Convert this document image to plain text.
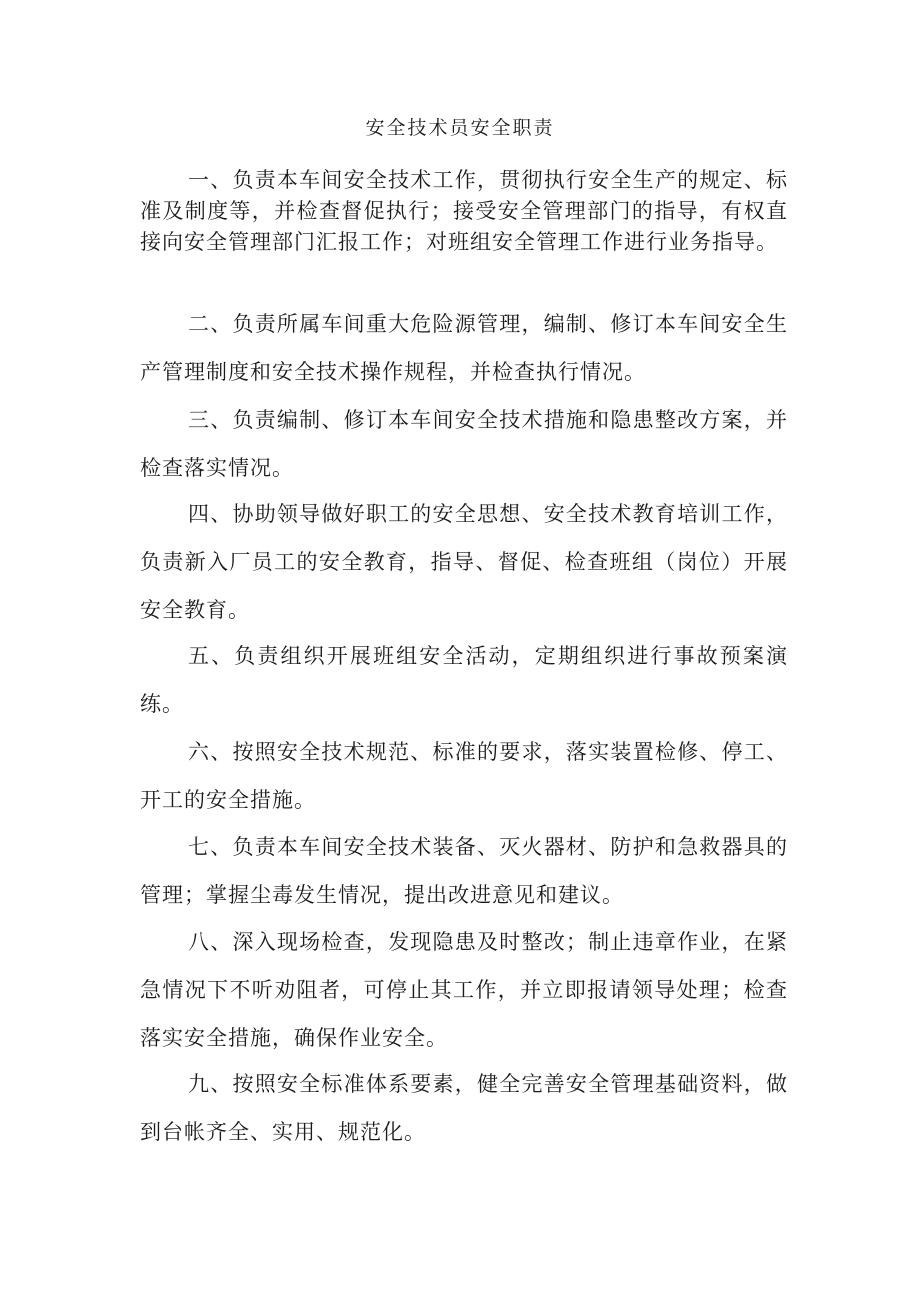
安全技术员安全职责

一、负责本车间安全技术工作，贯彻执行安全生产的规定、标准及制度等，并检查督促执行；接受安全管理部门的指导，有权直接向安全管理部门汇报工作；对班组安全管理工作进行业务指导。

二、负责所属车间重大危险源管理，编制、修订本车间安全生产管理制度和安全技术操作规程，并检查执行情况。

三、负责编制、修订本车间安全技术措施和隐患整改方案，并检查落实情况。

四、协助领导做好职工的安全思想、安全技术教育培训工作，负责新入厂员工的安全教育，指导、督促、检查班组（岗位）开展安全教育。

五、负责组织开展班组安全活动，定期组织进行事故预案演练。

六、按照安全技术规范、标准的要求，落实装置检修、停工、开工的安全措施。

七、负责本车间安全技术装备、灭火器材、防护和急救器具的管理；掌握尘毒发生情况，提出改进意见和建议。

八、深入现场检查，发现隐患及时整改；制止违章作业，在紧急情况下不听劝阻者，可停止其工作，并立即报请领导处理；检查落实安全措施，确保作业安全。

九、按照安全标准体系要素，健全完善安全管理基础资料，做到台帐齐全、实用、规范化。
